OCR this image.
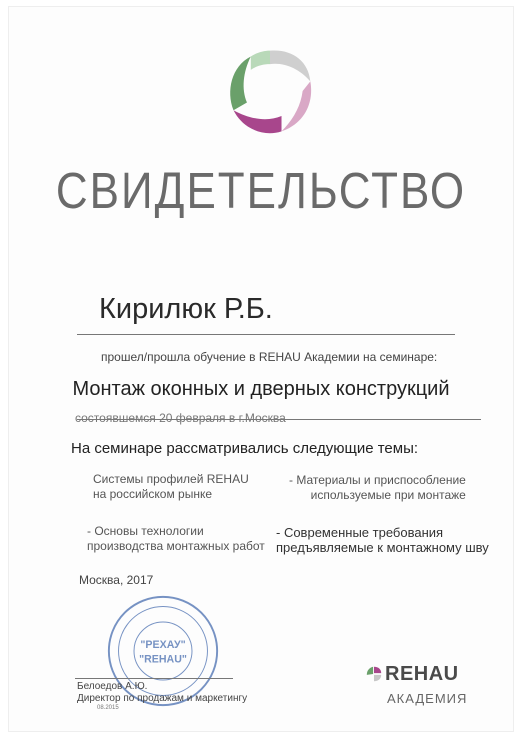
СВИДЕТЕЛЬСТВО
Кирилюк Р.Б.
прошел/прошла обучение в REHAU Академии на семинаре:
Монтаж оконных и дверных конструкций
состоявшемся 20 февраля в г.Москва
На семинаре рассматривались следующие темы:
Системы профилей REHAU
на российском рынке
- Материалы и приспособление
используемые при монтаже
- Основы технологии
производства монтажных работ
- Современные требования
предъявляемые к монтажному шву
Москва, 2017
"РЕХАУ"
"REHAU"
Белоедов А.Ю.
Директор по продажам и маркетингу
08.2015
REHAU
АКАДЕМИЯ
